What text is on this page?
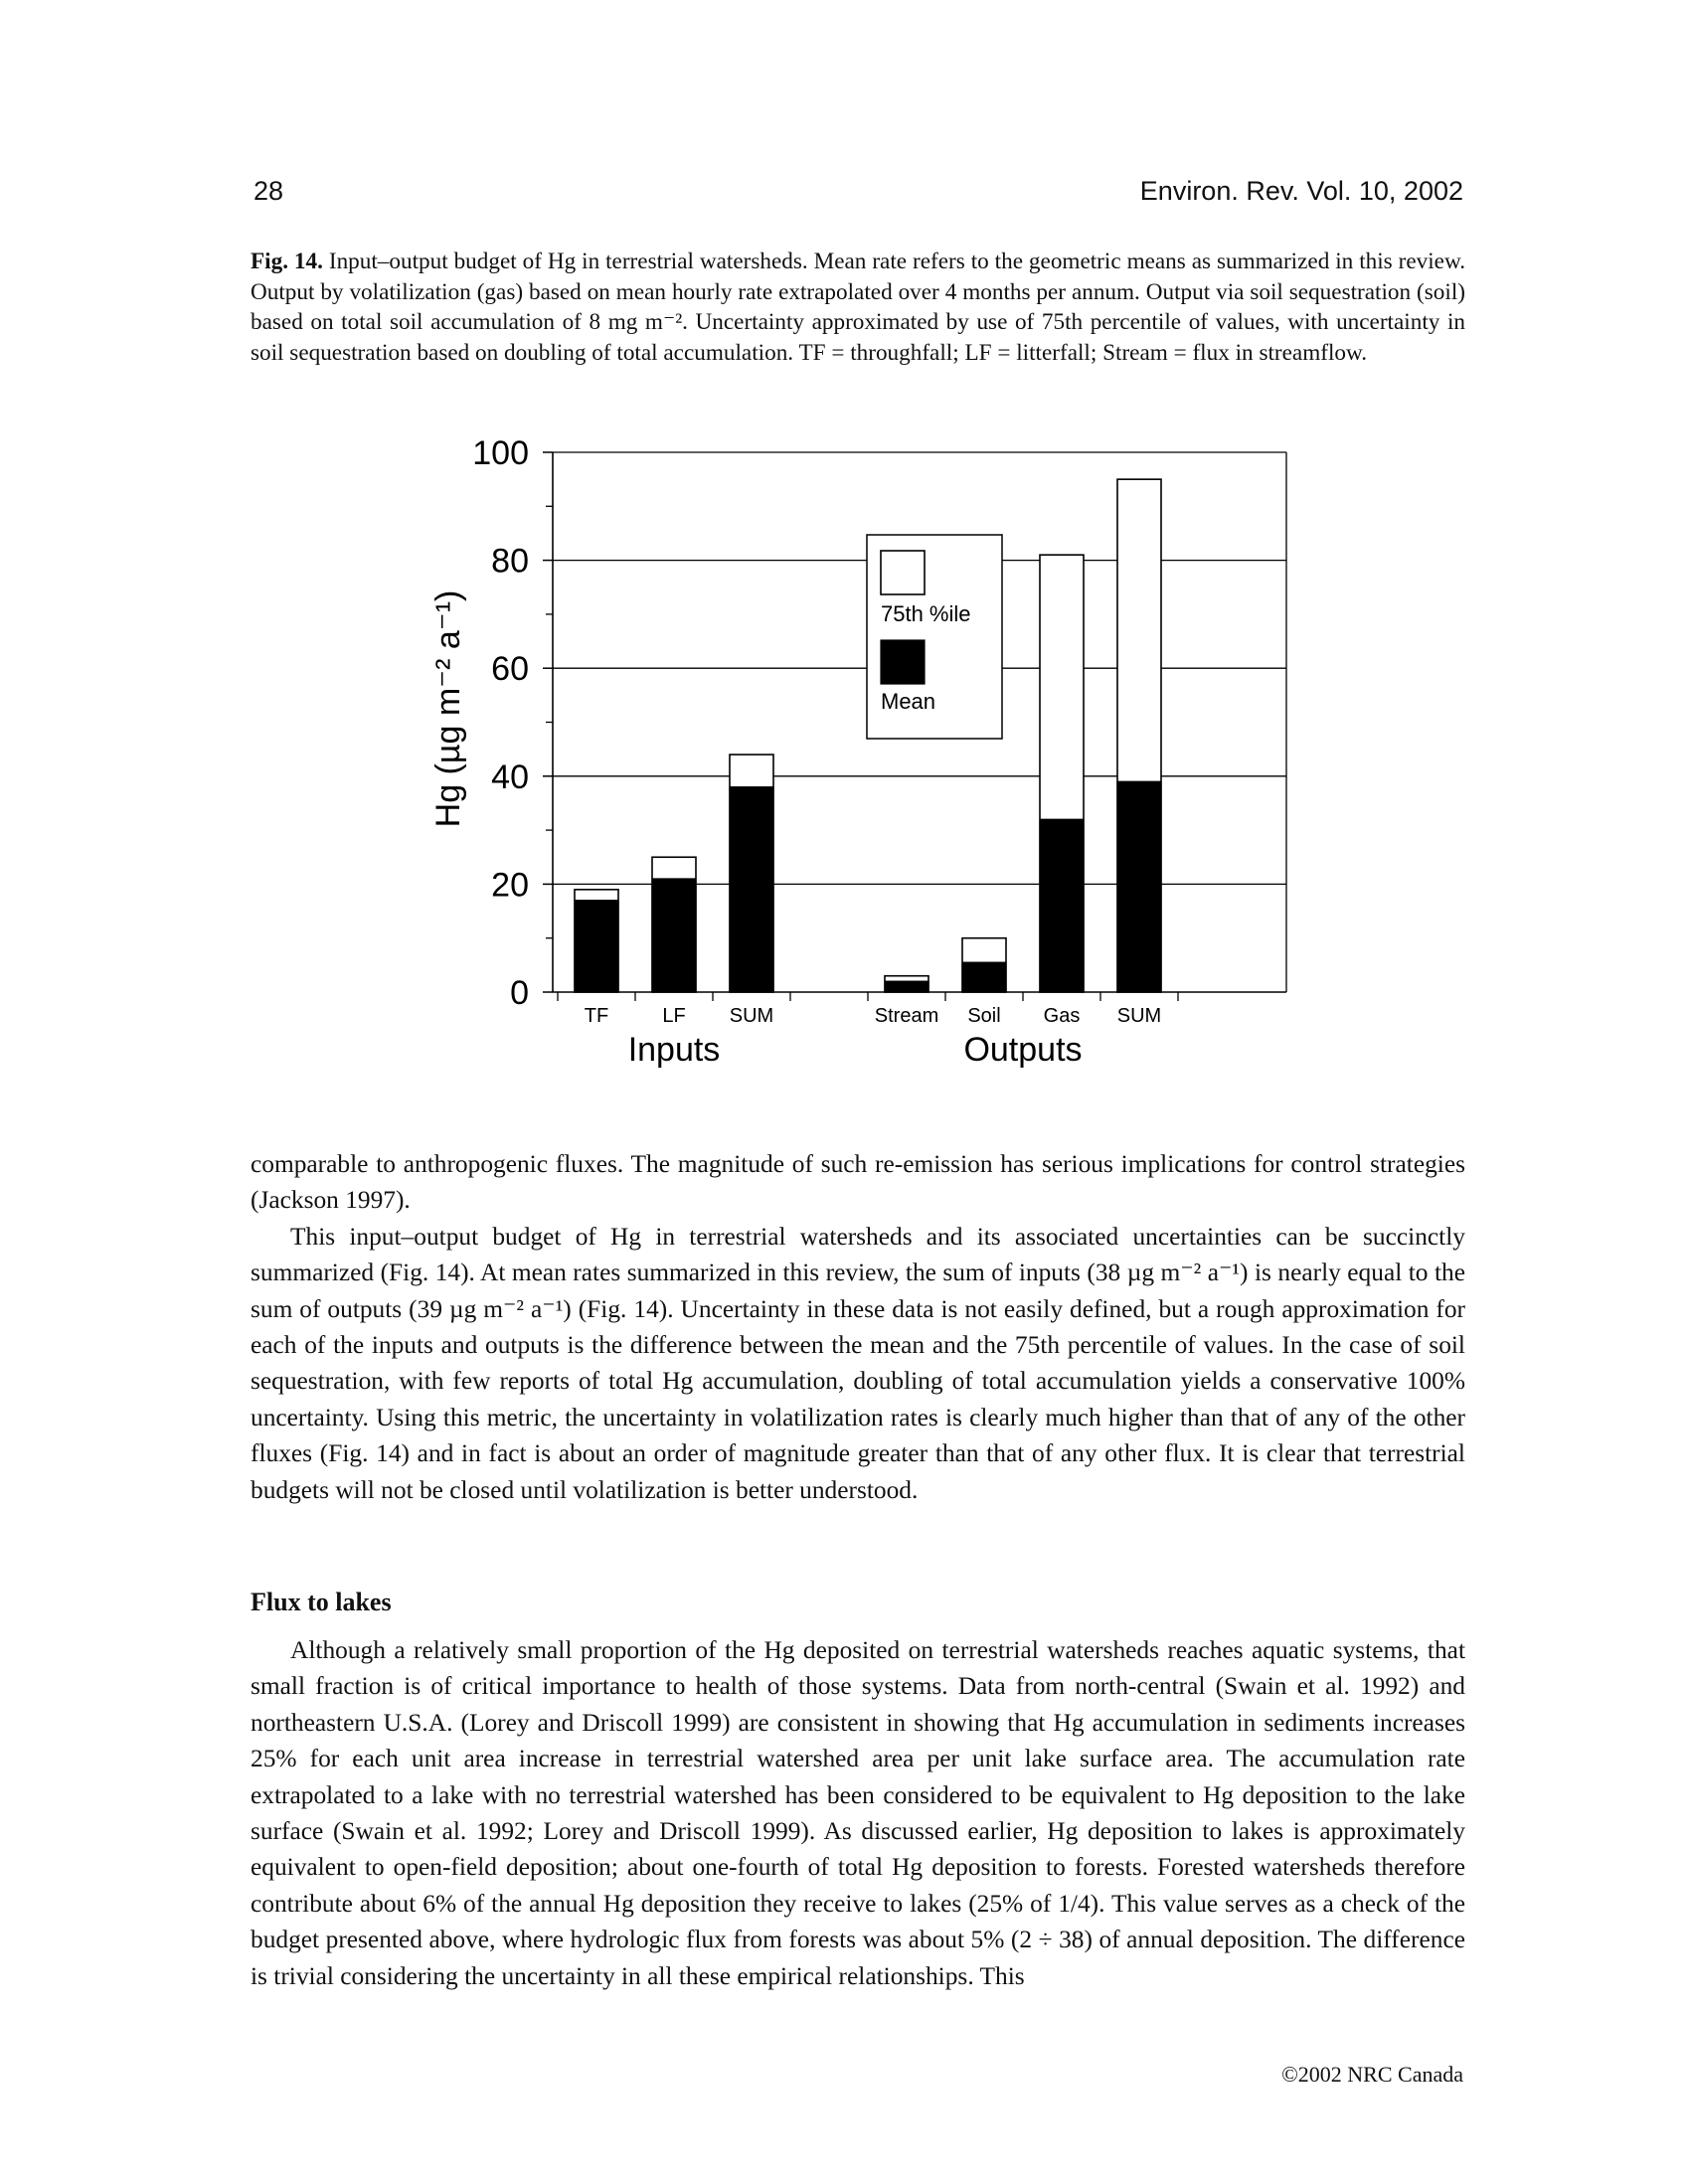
28	Environ. Rev. Vol. 10, 2002
Fig. 14. Input–output budget of Hg in terrestrial watersheds. Mean rate refers to the geometric means as summarized in this review. Output by volatilization (gas) based on mean hourly rate extrapolated over 4 months per annum. Output via soil sequestration (soil) based on total soil accumulation of 8 mg m⁻². Uncertainty approximated by use of 75th percentile of values, with uncertainty in soil sequestration based on doubling of total accumulation. TF = throughfall; LF = litterfall; Stream = flux in streamflow.
0
20
40
60
80
100
TF	LF SUM
Inputs
Stream Soil Gas SUM
Outputs
75th %ile
Mean
Hg (µg m⁻² a⁻¹)

comparable to anthropogenic fluxes. The magnitude of such re-emission has serious implications for control strategies (Jackson 1997).

This input–output budget of Hg in terrestrial watersheds and its associated uncertainties can be succinctly summarized (Fig. 14). At mean rates summarized in this review, the sum of inputs (38 µg m⁻² a⁻¹) is nearly equal to the sum of outputs (39 µg m⁻² a⁻¹) (Fig. 14). Uncertainty in these data is not easily defined, but a rough approximation for each of the inputs and outputs is the difference between the mean and the 75th percentile of values. In the case of soil sequestration, with few reports of total Hg accumulation, doubling of total accumulation yields a conservative 100% uncertainty. Using this metric, the uncertainty in volatilization rates is clearly much higher than that of any of the other fluxes (Fig. 14) and in fact is about an order of magnitude greater than that of any other flux. It is clear that terrestrial budgets will not be closed until volatilization is better understood.

Flux to lakes

Although a relatively small proportion of the Hg deposited on terrestrial watersheds reaches aquatic systems, that small fraction is of critical importance to health of those systems. Data from north-central (Swain et al. 1992) and northeastern U.S.A. (Lorey and Driscoll 1999) are consistent in showing that Hg accumulation in sediments increases 25% for each unit area increase in terrestrial watershed area per unit lake surface area. The accumulation rate extrapolated to a lake with no terrestrial watershed has been considered to be equivalent to Hg deposition to the lake surface (Swain et al. 1992; Lorey and Driscoll 1999). As discussed earlier, Hg deposition to lakes is approximately equivalent to open-field deposition; about one-fourth of total Hg deposition to forests. Forested watersheds therefore contribute about 6% of the annual Hg deposition they receive to lakes (25% of 1/4). This value serves as a check of the budget presented above, where hydrologic flux from forests was about 5% (2 ÷ 38) of annual deposition. The difference is trivial considering the uncertainty in all these empirical relationships. This

©2002 NRC Canada
